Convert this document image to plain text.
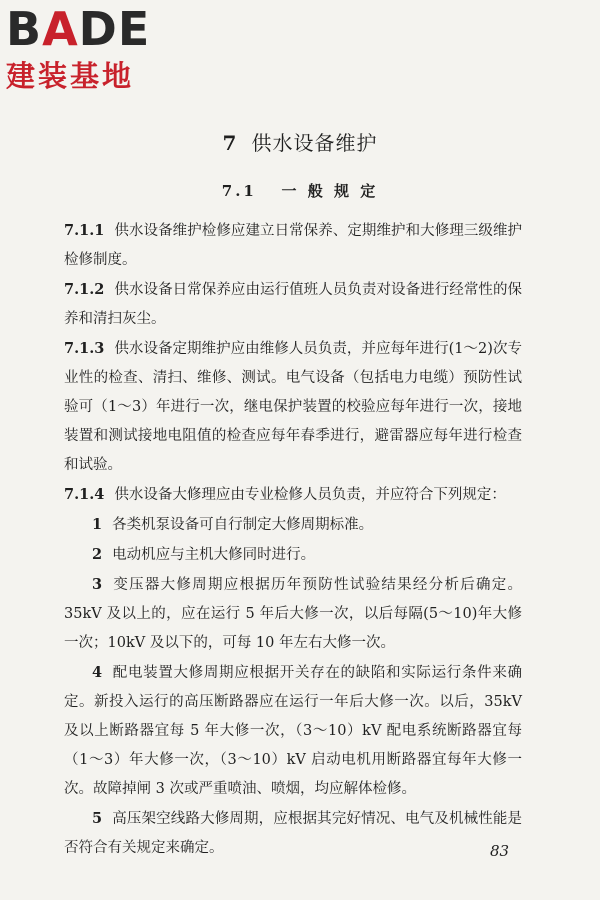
BADE
建装基地
7 供水设备维护
7.1 一 般 规 定

7.1.1 供水设备维护检修应建立日常保养、定期维护和大修理三级维护检修制度。

7.1.2 供水设备日常保养应由运行值班人员负责对设备进行经常性的保养和清扫灰尘。

7.1.3 供水设备定期维护应由维修人员负责，并应每年进行(1～2)次专业性的检查、清扫、维修、测试。电气设备（包括电力电缆）预防性试验可（1～3）年进行一次，继电保护装置的校验应每年进行一次，接地装置和测试接地电阻值的检查应每年春季进行，避雷器应每年进行检查和试验。

7.1.4 供水设备大修理应由专业检修人员负责，并应符合下列规定：

1 各类机泵设备可自行制定大修周期标准。

2 电动机应与主机大修同时进行。

3 变压器大修周期应根据历年预防性试验结果经分析后确定。35kV 及以上的，应在运行 5 年后大修一次，以后每隔(5～10)年大修一次；10kV 及以下的，可每 10 年左右大修一次。

4 配电装置大修周期应根据开关存在的缺陷和实际运行条件来确定。新投入运行的高压断路器应在运行一年后大修一次。以后，35kV 及以上断路器宜每 5 年大修一次，（3～10）kV 配电系统断路器宜每（1～3）年大修一次，（3～10）kV 启动电机用断路器宜每年大修一次。故障掉闸 3 次或严重喷油、喷烟，均应解体检修。

5 高压架空线路大修周期，应根据其完好情况、电气及机械性能是否符合有关规定来确定。	83
